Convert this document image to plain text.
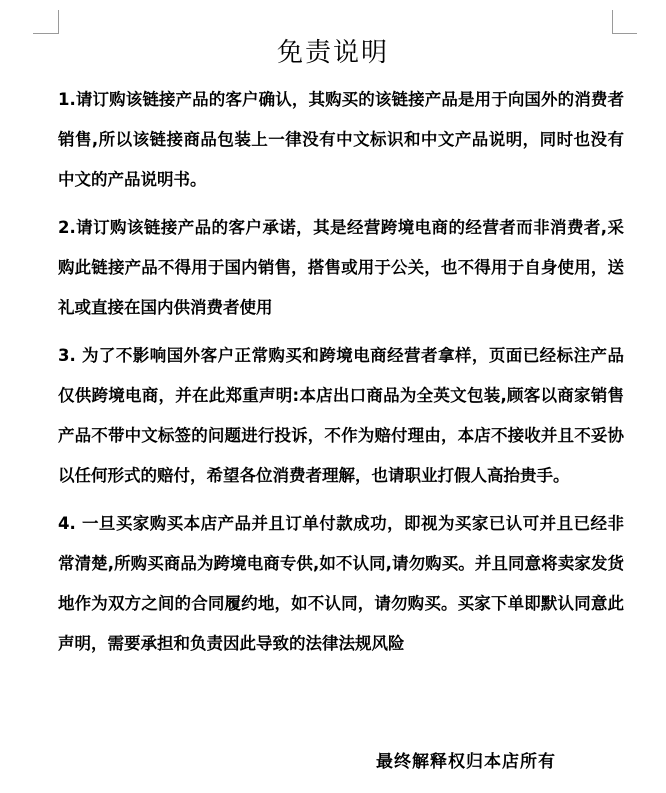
免责说明

1.请订购该链接产品的客户确认，其购买的该链接产品是用于向国外的消费者销售,所以该链接商品包装上一律没有中文标识和中文产品说明，同时也没有中文的产品说明书。

2.请订购该链接产品的客户承诺，其是经营跨境电商的经营者而非消费者,采购此链接产品不得用于国内销售，搭售或用于公关，也不得用于自身使用，送礼或直接在国内供消费者使用

3. 为了不影响国外客户正常购买和跨境电商经营者拿样，页面已经标注产品仅供跨境电商，并在此郑重声明:本店出口商品为全英文包装,顾客以商家销售产品不带中文标签的问题进行投诉，不作为赔付理由，本店不接收并且不妥协以任何形式的赔付，希望各位消费者理解，也请职业打假人高抬贵手。

4. 一旦买家购买本店产品并且订单付款成功，即视为买家已认可并且已经非常清楚,所购买商品为跨境电商专供,如不认同,请勿购买。并且同意将卖家发货地作为双方之间的合同履约地，如不认同，请勿购买。买家下单即默认同意此声明，需要承担和负责因此导致的法律法规风险

最终解释权归本店所有
